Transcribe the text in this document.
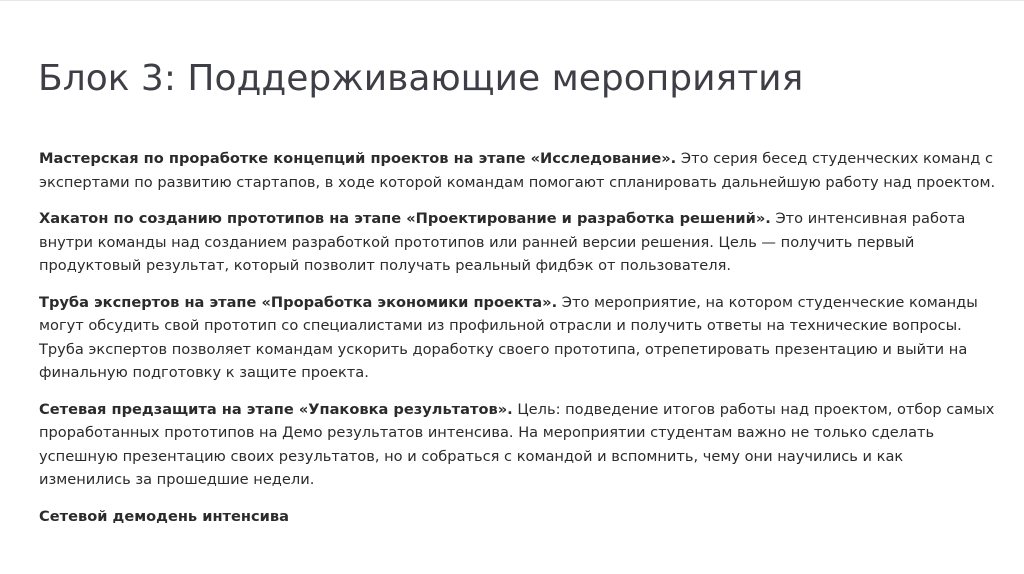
Блок 3: Поддерживающие мероприятия

Мастерская по проработке концепций проектов на этапе «Исследование». Это серия бесед студенческих команд с экспертами по развитию стартапов, в ходе которой командам помогают спланировать дальнейшую работу над проектом.

Хакатон по созданию прототипов на этапе «Проектирование и разработка решений». Это интенсивная работа внутри команды над созданием разработкой прототипов или ранней версии решения. Цель — получить первый продуктовый результат, который позволит получать реальный фидбэк от пользователя.

Труба экспертов на этапе «Проработка экономики проекта». Это мероприятие, на котором студенческие команды могут обсудить свой прототип со специалистами из профильной отрасли и получить ответы на технические вопросы. Труба экспертов позволяет командам ускорить доработку своего прототипа, отрепетировать презентацию и выйти на финальную подготовку к защите проекта.

Сетевая предзащита на этапе «Упаковка результатов». Цель: подведение итогов работы над проектом, отбор самых проработанных прототипов на Демо результатов интенсива. На мероприятии студентам важно не только сделать успешную презентацию своих результатов, но и собраться с командой и вспомнить, чему они научились и как изменились за прошедшие недели.

Сетевой демодень интенсива
